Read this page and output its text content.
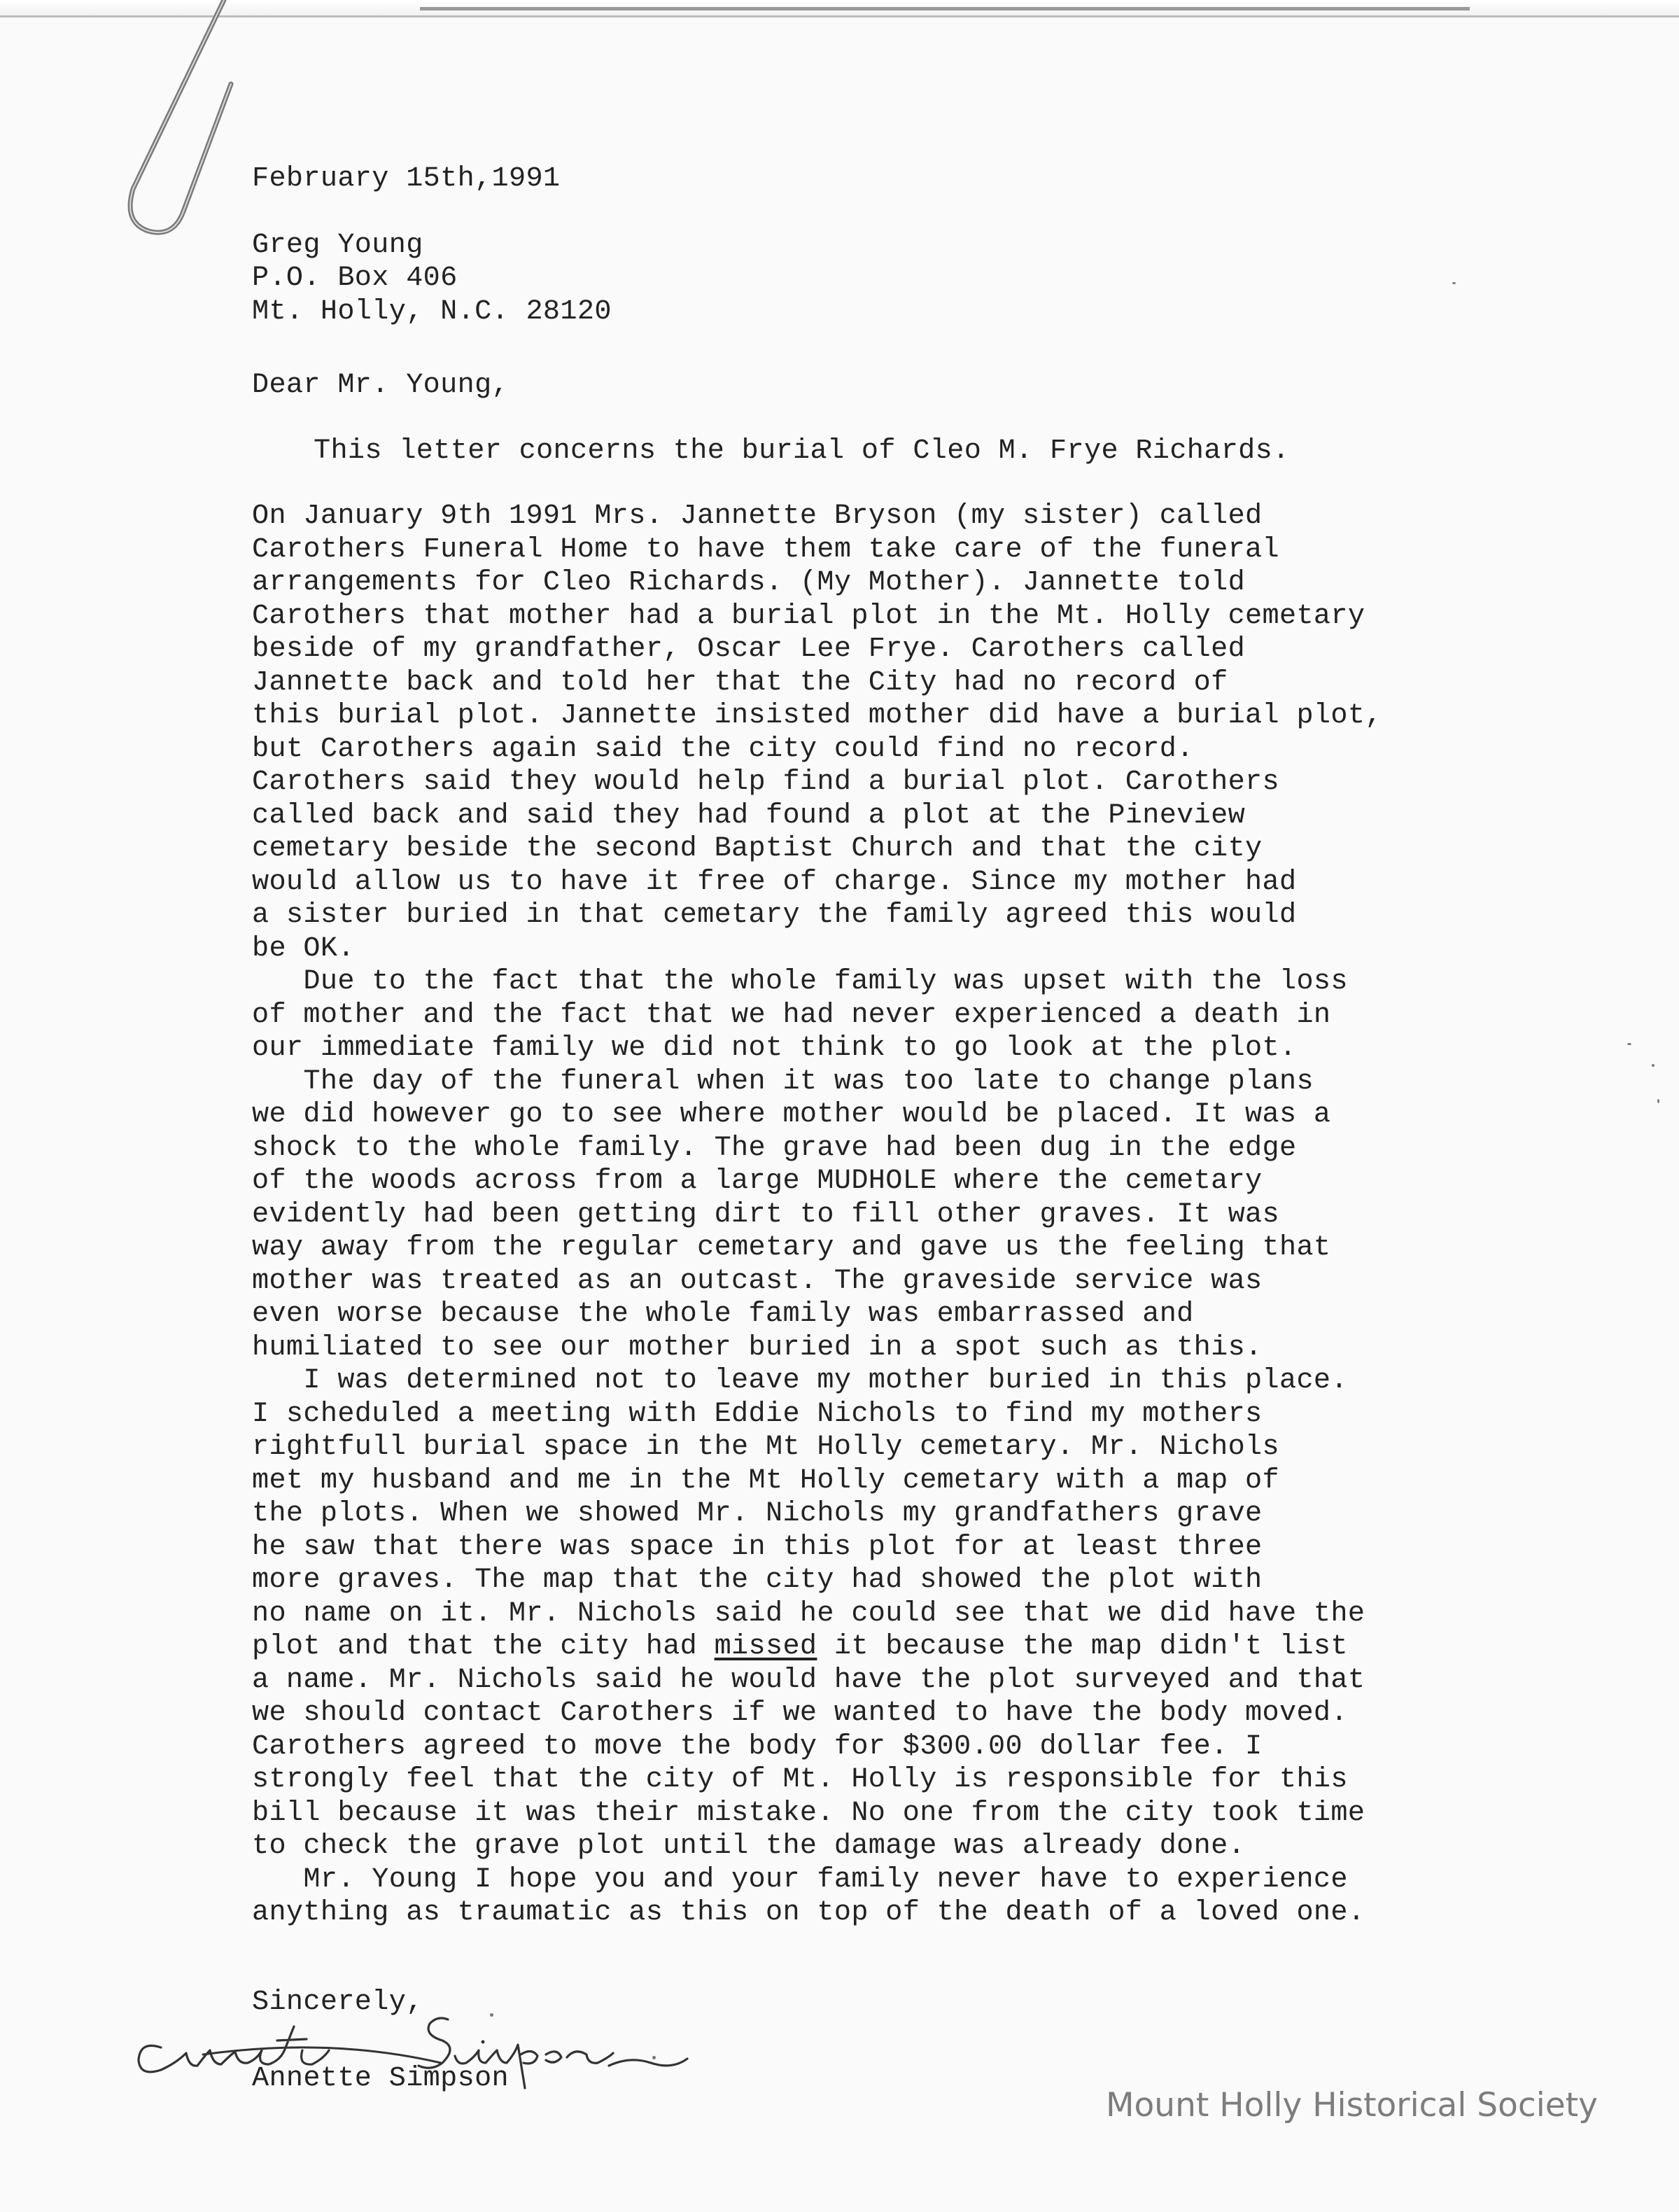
February 15th,1991
Greg Young
P.O. Box 406
Mt. Holly, N.C. 28120
Dear Mr. Young,
This letter concerns the burial of Cleo M. Frye Richards.
On January 9th 1991 Mrs. Jannette Bryson (my sister) called
Carothers Funeral Home to have them take care of the funeral
arrangements for Cleo Richards. (My Mother). Jannette told
Carothers that mother had a burial plot in the Mt. Holly cemetary
beside of my grandfather, Oscar Lee Frye. Carothers called
Jannette back and told her that the City had no record of
this burial plot. Jannette insisted mother did have a burial plot,
but Carothers again said the city could find no record.
Carothers said they would help find a burial plot. Carothers
called back and said they had found a plot at the Pineview
cemetary beside the second Baptist Church and that the city
would allow us to have it free of charge. Since my mother had
a sister buried in that cemetary the family agreed this would
be OK.
Due to the fact that the whole family was upset with the loss
of mother and the fact that we had never experienced a death in
our immediate family we did not think to go look at the plot.
The day of the funeral when it was too late to change plans
we did however go to see where mother would be placed. It was a
shock to the whole family. The grave had been dug in the edge
of the woods across from a large MUDHOLE where the cemetary
evidently had been getting dirt to fill other graves. It was
way away from the regular cemetary and gave us the feeling that
mother was treated as an outcast. The graveside service was
even worse because the whole family was embarrassed and
humiliated to see our mother buried in a spot such as this.
I was determined not to leave my mother buried in this place.
I scheduled a meeting with Eddie Nichols to find my mothers
rightfull burial space in the Mt Holly cemetary. Mr. Nichols
met my husband and me in the Mt Holly cemetary with a map of
the plots. When we showed Mr. Nichols my grandfathers grave
he saw that there was space in this plot for at least three
more graves. The map that the city had showed the plot with
no name on it. Mr. Nichols said he could see that we did have the
plot and that the city had missed it because the map didn't list
a name. Mr. Nichols said he would have the plot surveyed and that
we should contact Carothers if we wanted to have the body moved.
Carothers agreed to move the body for $300.00 dollar fee. I
strongly feel that the city of Mt. Holly is responsible for this
bill because it was their mistake. No one from the city took time
to check the grave plot until the damage was already done.
Mr. Young I hope you and your family never have to experience
anything as traumatic as this on top of the death of a loved one.
Sincerely,
Annette Simpson
Mount Holly Historical Society
